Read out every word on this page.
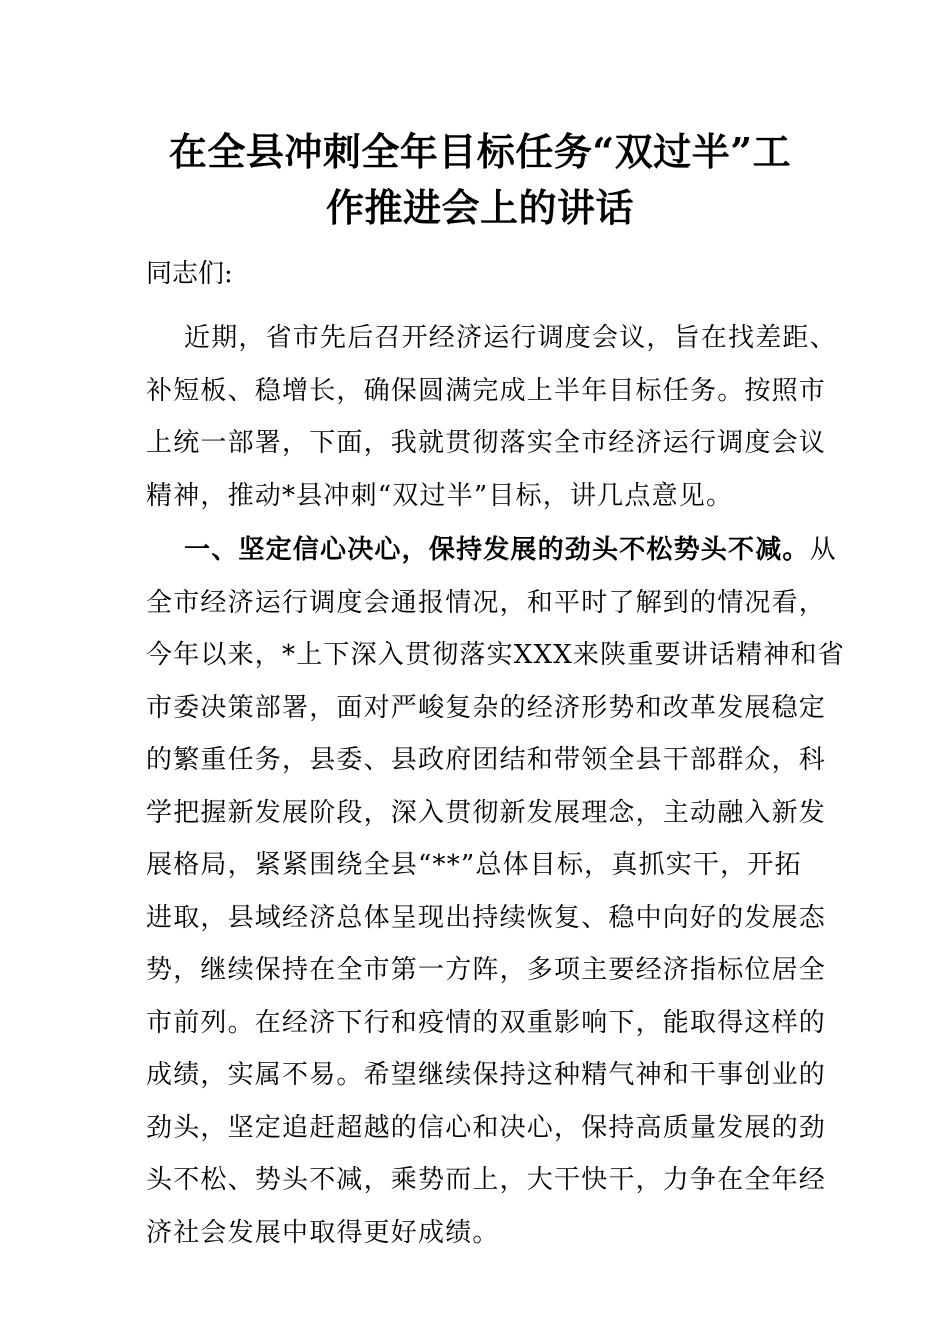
在全县冲刺全年目标任务“双过半”工
作推进会上的讲话

同志们:

近期，省市先后召开经济运行调度会议，旨在找差距、
补短板、稳增长，确保圆满完成上半年目标任务。按照市
上统一部署，下面，我就贯彻落实全市经济运行调度会议
精神，推动*县冲刺“双过半”目标，讲几点意见。
一、坚定信心决心，保持发展的劲头不松势头不减。从
全市经济运行调度会通报情况，和平时了解到的情况看，
今年以来，*上下深入贯彻落实XXX来陕重要讲话精神和省
市委决策部署，面对严峻复杂的经济形势和改革发展稳定
的繁重任务，县委、县政府团结和带领全县干部群众，科
学把握新发展阶段，深入贯彻新发展理念，主动融入新发
展格局，紧紧围绕全县“**”总体目标，真抓实干，开拓
进取，县域经济总体呈现出持续恢复、稳中向好的发展态
势，继续保持在全市第一方阵，多项主要经济指标位居全
市前列。在经济下行和疫情的双重影响下，能取得这样的
成绩，实属不易。希望继续保持这种精气神和干事创业的
劲头，坚定追赶超越的信心和决心，保持高质量发展的劲
头不松、势头不减，乘势而上，大干快干，力争在全年经
济社会发展中取得更好成绩。
